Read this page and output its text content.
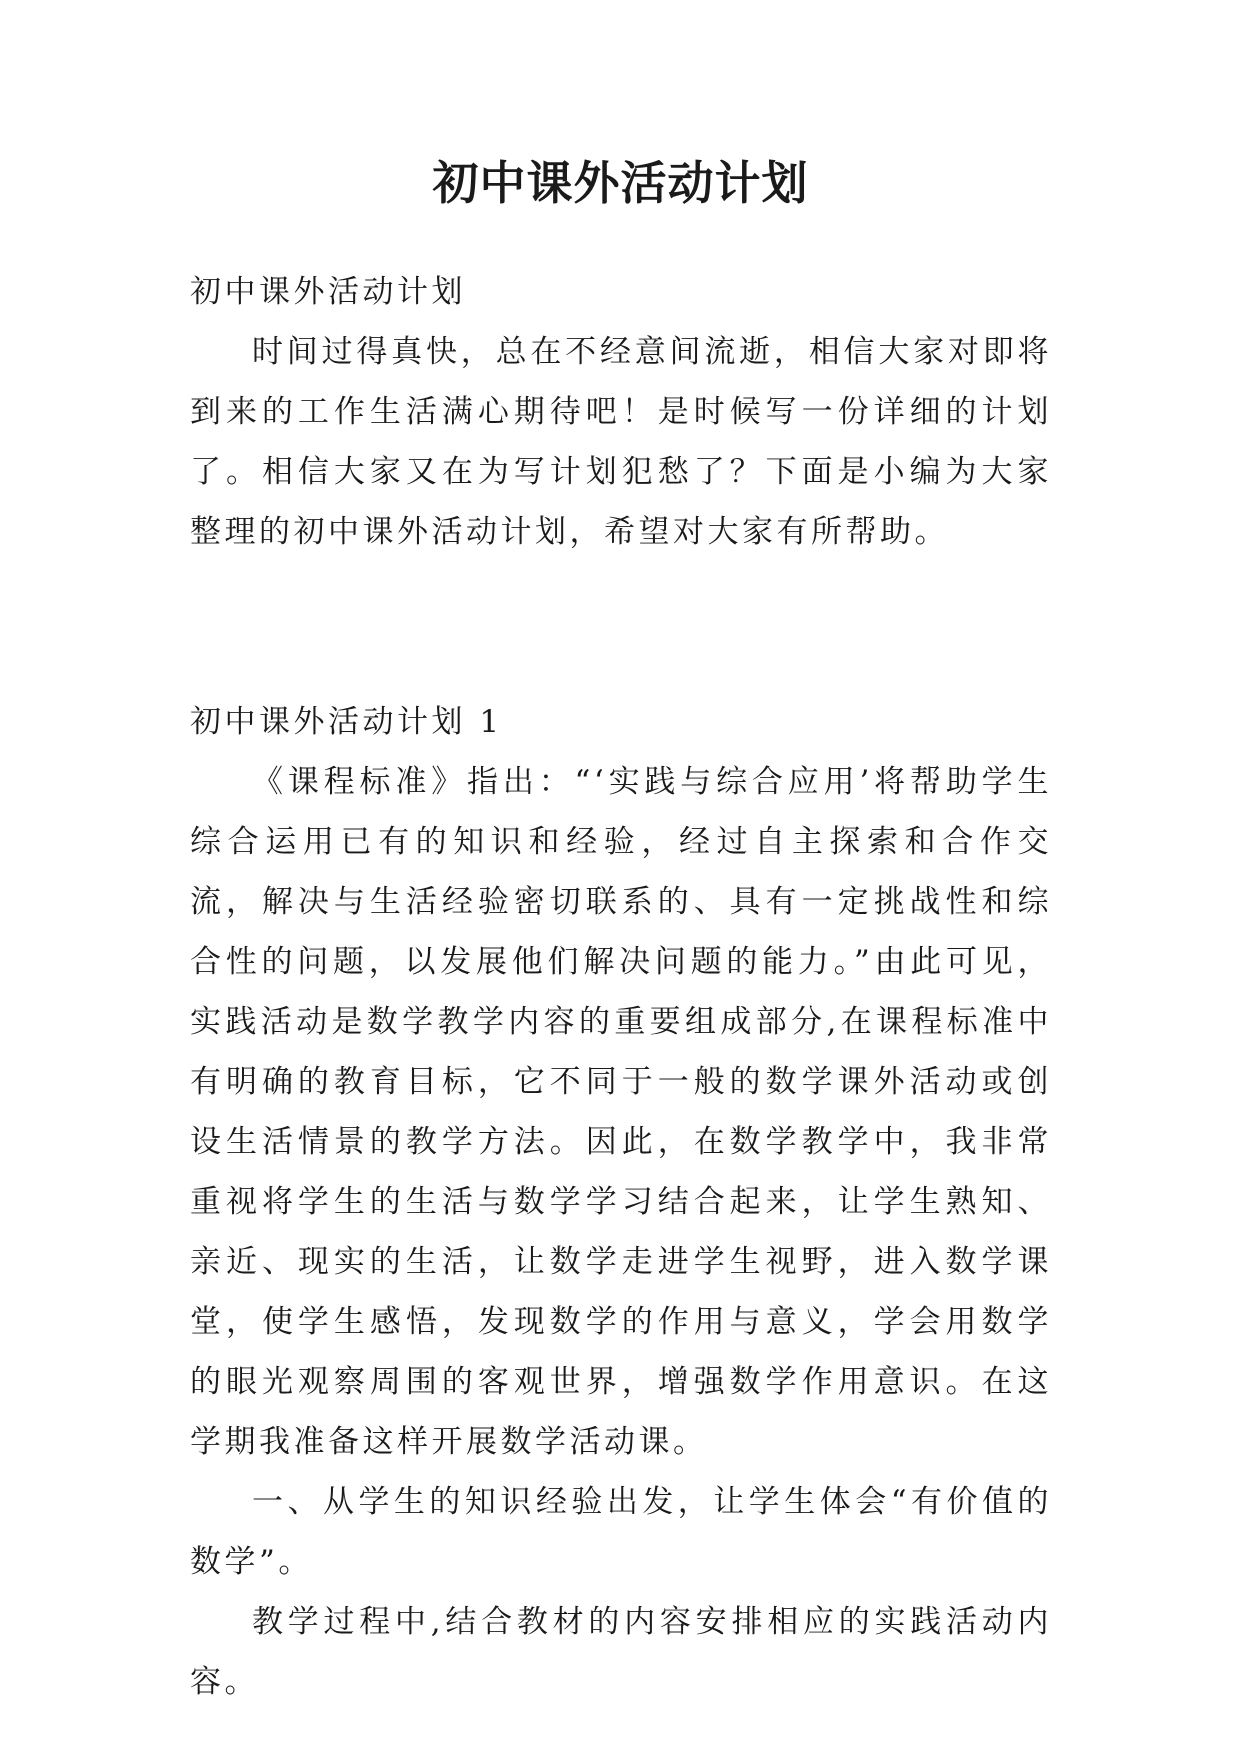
初中课外活动计划

初中课外活动计划

时间过得真快，总在不经意间流逝，相信大家对即将到来的工作生活满心期待吧！是时候写一份详细的计划了。相信大家又在为写计划犯愁了？下面是小编为大家整理的初中课外活动计划，希望对大家有所帮助。

初中课外活动计划 1

《课程标准》指出：“‘实践与综合应用’将帮助学生综合运用已有的知识和经验，经过自主探索和合作交流，解决与生活经验密切联系的、具有一定挑战性和综合性的问题，以发展他们解决问题的能力。”由此可见，实践活动是数学教学内容的重要组成部分,在课程标准中有明确的教育目标，它不同于一般的数学课外活动或创设生活情景的教学方法。因此，在数学教学中，我非常重视将学生的生活与数学学习结合起来，让学生熟知、亲近、现实的生活，让数学走进学生视野，进入数学课堂，使学生感悟，发现数学的作用与意义，学会用数学的眼光观察周围的客观世界，增强数学作用意识。在这学期我准备这样开展数学活动课。

一、从学生的知识经验出发，让学生体会“有价值的数学”。

教学过程中,结合教材的内容安排相应的实践活动内容。
